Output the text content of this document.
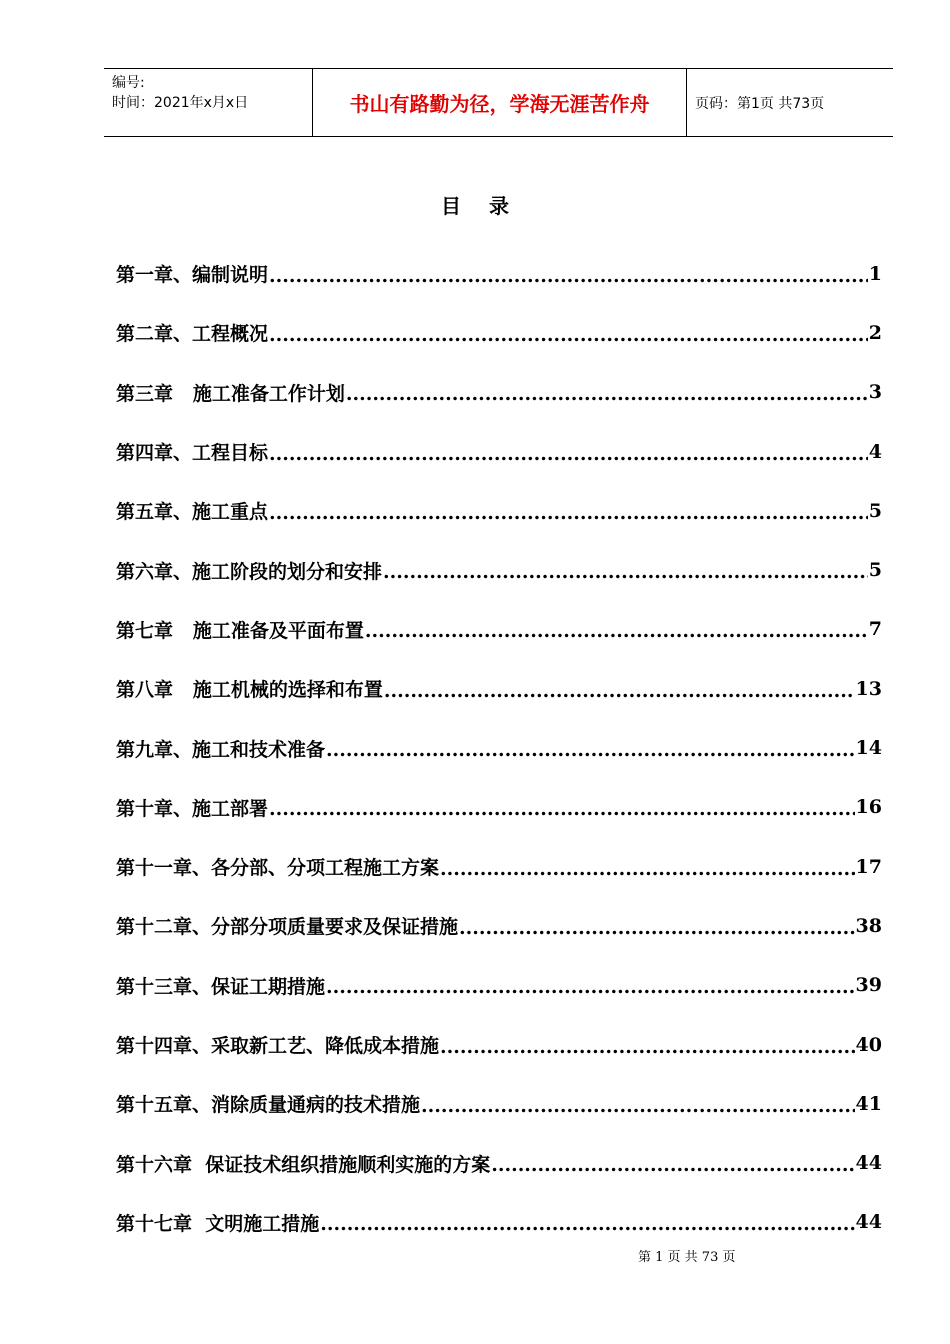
编号:
时间：2021年x月x日	书山有路勤为径，学海无涯苦作舟	页码：第1页 共73页
目录
第一章、编制说明 .....	1
第二章、工程概况 .....	2
第三章   施工准备工作计划 .....	3
第四章、工程目标 .....	4
第五章、施工重点 .....	5
第六章、施工阶段的划分和安排 .....	5
第七章   施工准备及平面布置 .....	7
第八章   施工机械的选择和布置 .....	13
第九章、施工和技术准备 .....	14
第十章、施工部署 .....	16
第十一章、各分部、分项工程施工方案 .....	17
第十二章、分部分项质量要求及保证措施 .....	38
第十三章、保证工期措施 .....	39
第十四章、采取新工艺、降低成本措施 .....	40
第十五章、消除质量通病的技术措施 .....	41
第十六章  保证技术组织措施顺利实施的方案 .....	44
第十七章  文明施工措施 .....	44
第 1 页 共 73 页
